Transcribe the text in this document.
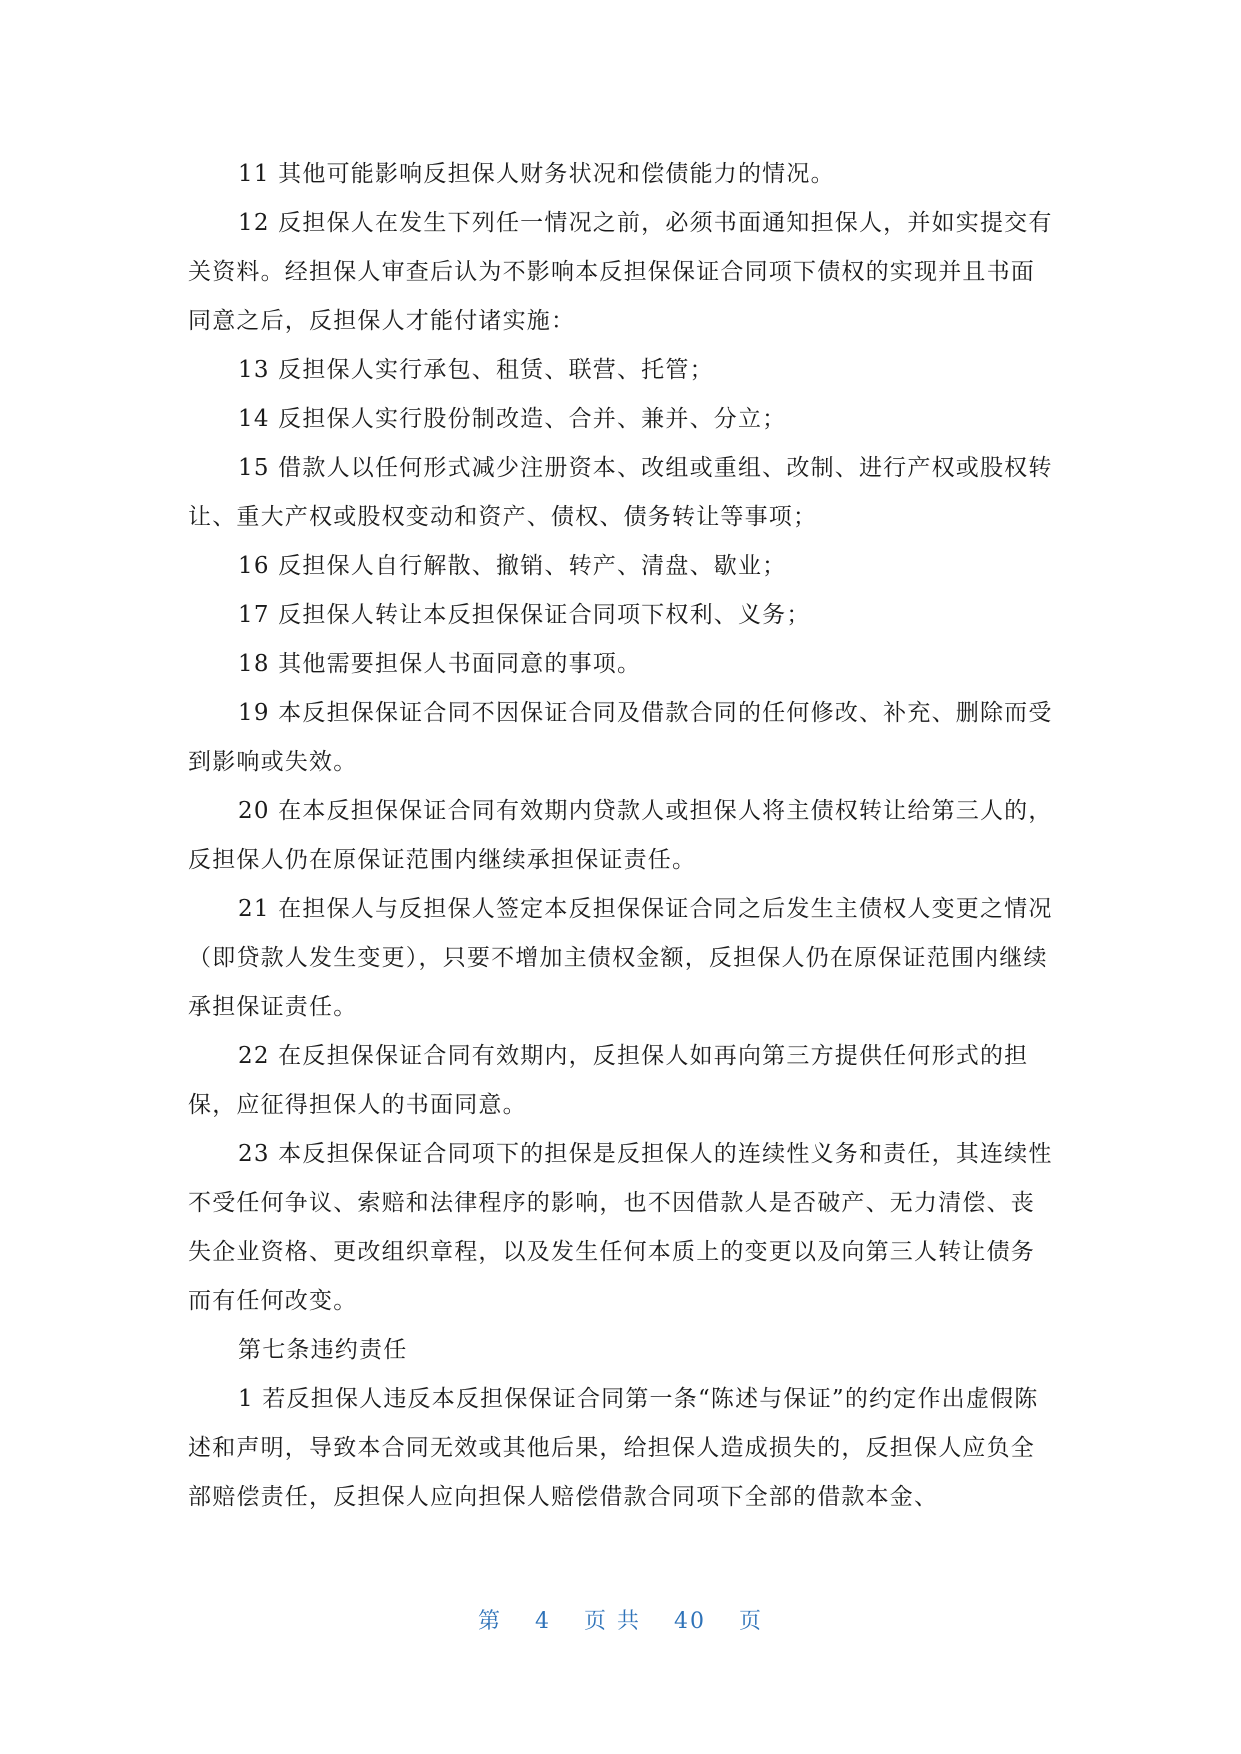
11 其他可能影响反担保人财务状况和偿债能力的情况。

12 反担保人在发生下列任一情况之前，必须书面通知担保人，并如实提交有关资料。经担保人审查后认为不影响本反担保保证合同项下债权的实现并且书面同意之后，反担保人才能付诸实施：

13 反担保人实行承包、租赁、联营、托管；

14 反担保人实行股份制改造、合并、兼并、分立；

15 借款人以任何形式减少注册资本、改组或重组、改制、进行产权或股权转让、重大产权或股权变动和资产、债权、债务转让等事项；

16 反担保人自行解散、撤销、转产、清盘、歇业；

17 反担保人转让本反担保保证合同项下权利、义务；

18 其他需要担保人书面同意的事项。

19 本反担保保证合同不因保证合同及借款合同的任何修改、补充、删除而受到影响或失效。

20 在本反担保保证合同有效期内贷款人或担保人将主债权转让给第三人的，反担保人仍在原保证范围内继续承担保证责任。

21 在担保人与反担保人签定本反担保保证合同之后发生主债权人变更之情况（即贷款人发生变更），只要不增加主债权金额，反担保人仍在原保证范围内继续承担保证责任。

22 在反担保保证合同有效期内，反担保人如再向第三方提供任何形式的担保，应征得担保人的书面同意。

23 本反担保保证合同项下的担保是反担保人的连续性义务和责任，其连续性不受任何争议、索赔和法律程序的影响，也不因借款人是否破产、无力清偿、丧失企业资格、更改组织章程，以及发生任何本质上的变更以及向第三人转让债务而有任何改变。

第七条违约责任

1 若反担保人违反本反担保保证合同第一条“陈述与保证”的约定作出虚假陈述和声明，导致本合同无效或其他后果，给担保人造成损失的，反担保人应负全部赔偿责任，反担保人应向担保人赔偿借款合同项下全部的借款本金、

第 4 页 共 40 页
